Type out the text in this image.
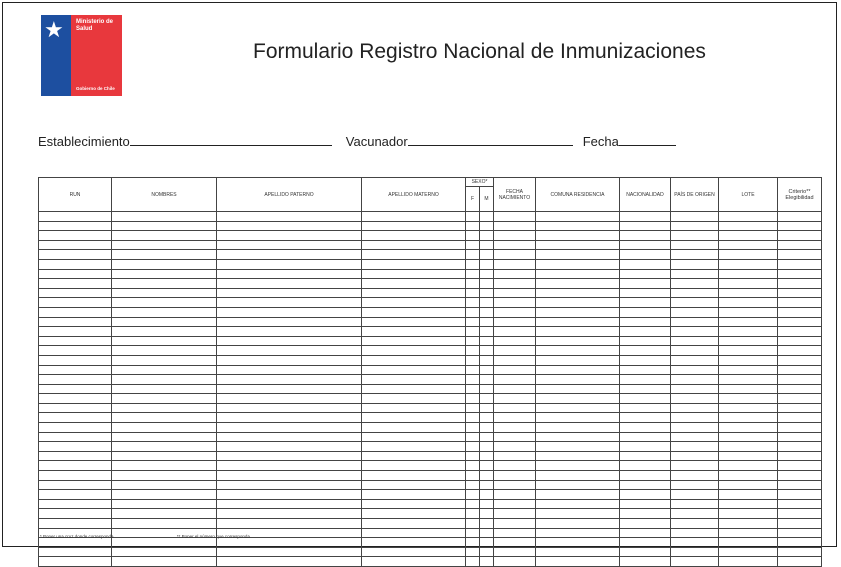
★ Ministerio de
Salud
Gobierno de Chile
Formulario Registro Nacional de Inmunizaciones
Establecimiento	Vacunador	Fecha
RUN	NOMBRES	APELLIDO PATERNO	APELLIDO MATERNO	SEXO*		FECHA NACIMIENTO	COMUNA RESIDENCIA	NACIONALIDAD	PAÍS DE ORIGEN	LOTE	Criterio** Elegibilidad
				F	M						

* Poner una cruz donde corresponda	** Poner el número que corresponda
